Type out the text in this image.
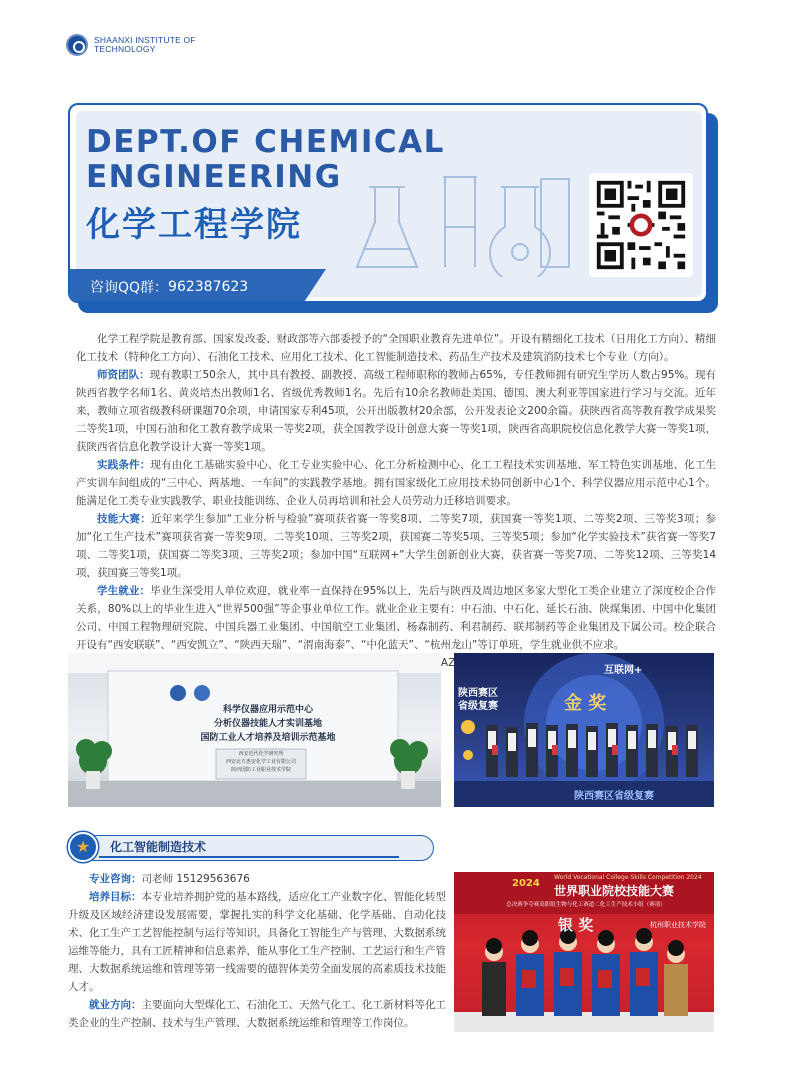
SHAANXI INSTITUTE OF
TECHNOLOGY
DEPT.OF CHEMICAL
ENGINEERING
化学工程学院
咨询QQ群： 962387623

化学工程学院是教育部、国家发改委、财政部等六部委授予的“全国职业教育先进单位”。开设有精细化工技术（日用化工方向）、精细化工技术（特种化工方向）、石油化工技术、应用化工技术、化工智能制造技术、药品生产技术及建筑消防技术七个专业（方向）。

师资团队：现有教职工50余人，其中具有教授、副教授、高级工程师职称的教师占65%，专任教师拥有研究生学历人数占95%。现有陕西省教学名师1名、黄炎培杰出教师1名、省级优秀教师1名。先后有10余名教师赴美国、德国、澳大利亚等国家进行学习与交流。近年来，教师立项省级教科研课题70余项，申请国家专利45项，公开出版教材20余部，公开发表论文200余篇。获陕西省高等教育教学成果奖二等奖1项，中国石油和化工教育教学成果一等奖2项，获全国教学设计创意大赛一等奖1项，陕西省高职院校信息化教学大赛一等奖1项，获陕西省信息化教学设计大赛一等奖1项。

实践条件：现有由化工基础实验中心、化工专业实验中心、化工分析检测中心、化工工程技术实训基地、军工特色实训基地、化工生产实训车间组成的“三中心、两基地、一车间”的实践教学基地。拥有国家级化工应用技术协同创新中心1个、科学仪器应用示范中心1个。能满足化工类专业实践教学、职业技能训练、企业人员再培训和社会人员劳动力迁移培训要求。

技能大赛：近年来学生参加“工业分析与检验”赛项获省赛一等奖8项、二等奖7项，获国赛一等奖1项、二等奖2项、三等奖3项；参加“化工生产技术”赛项获省赛一等奖9项、二等奖10项、三等奖2项，获国赛二等奖5项、三等奖5项；参加“化学实验技术”获省赛一等奖7项、二等奖1项，获国赛二等奖3项、三等奖2项；参加中国“互联网+”大学生创新创业大赛，获省赛一等奖7项、二等奖12项、三等奖14项，获国赛三等奖1项。

学生就业：毕业生深受用人单位欢迎，就业率一直保持在95%以上，先后与陕西及周边地区多家大型化工类企业建立了深度校企合作关系，80%以上的毕业生进入“世界500强”等企事业单位工作。就业企业主要有：中石油、中石化、延长石油、陕煤集团、中国中化集团公司、中国工程物理研究院、中国兵器工业集团、中国航空工业集团、杨森制药、利君制药、联邦制药等企业集团及下属公司。校企联合开设有“西安联联”、“西安凯立”、“陕西天瑞”、“渭南海泰”、“中化蓝天”、“杭州龙山”等订单班，学生就业供不应求。

科学仪器应用示范中心
分析仪器技能人才实训基地
国防工业人才培养及培训示范基地
西安近代化学研究所
西安北方惠安化学工业有限公司
陕西国防工业职业技术学院
金 奖
陕西赛区 省级复赛
互联网+
陕西赛区省级复赛
★	化工智能制造技术

专业咨询：司老师 15129563676

培养目标：本专业培养拥护党的基本路线，适应化工产业数字化、智能化转型升级及区域经济建设发展需要，掌握扎实的科学文化基础、化学基础、自动化技术、化工生产工艺智能控制与运行等知识，具备化工智能生产与管理、大数据系统运维等能力，具有工匠精神和信息素养，能从事化工生产控制、工艺运行和生产管理、大数据系统运维和管理等第一线需要的德智体美劳全面发展的高素质技术技能人才。

就业方向：主要面向大型煤化工、石油化工、天然气化工、化工新材料等化工类企业的生产控制、技术与生产管理、大数据系统运维和管理等工作岗位。

World Vocational College Skills Competition 2024
2024
世界职业院校技能大赛
总决赛争夺赛高职组生物与化工赛道二化工生产技术小组（赛项）
银 奖	杭州职业技术学院
